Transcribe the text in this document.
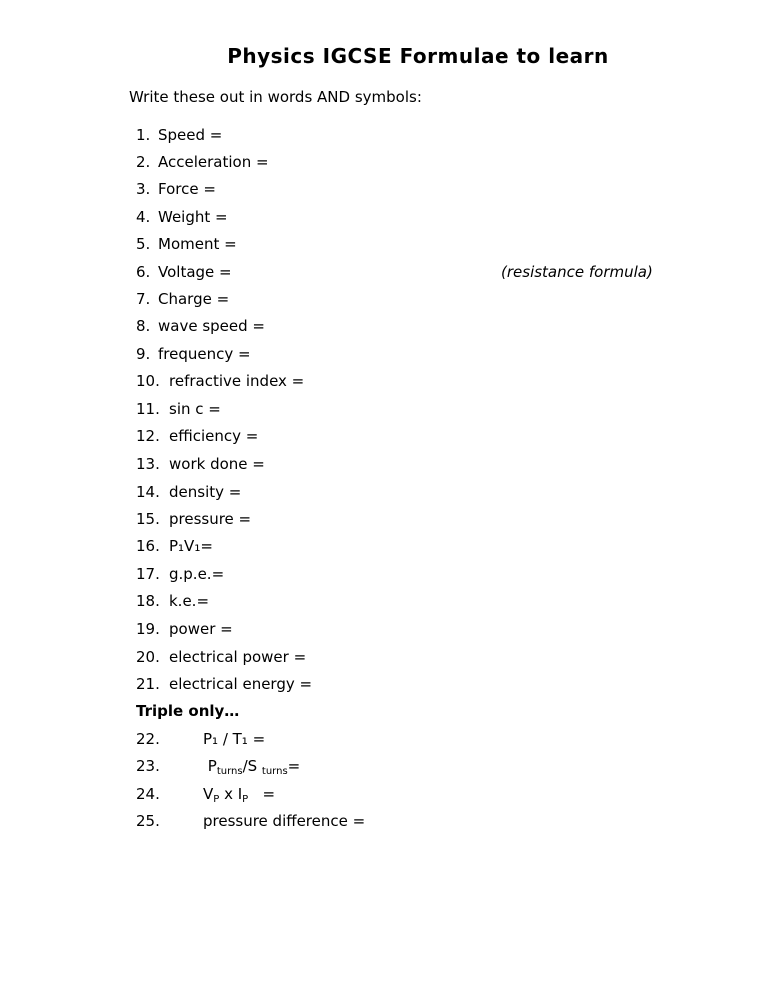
Physics IGCSE Formulae to learn
Write these out in words AND symbols:
1. Speed =
2. Acceleration =
3. Force =
4. Weight =
5. Moment =
6. Voltage =	(resistance formula)
7. Charge =
8. wave speed =
9. frequency =
10. refractive index =
11. sin c =
12. efficiency =
13. work done =
14. density =
15. pressure =
16. P₁V₁=
17. g.p.e.=
18. k.e.=
19. power =
20. electrical power =
21. electrical energy =
Triple only…
22.	P₁ / T₁ =
23.	$P_{turns}/S$ $_{turns}$=
24.	$V_P$ x $I_P$   =
25.	pressure difference =
